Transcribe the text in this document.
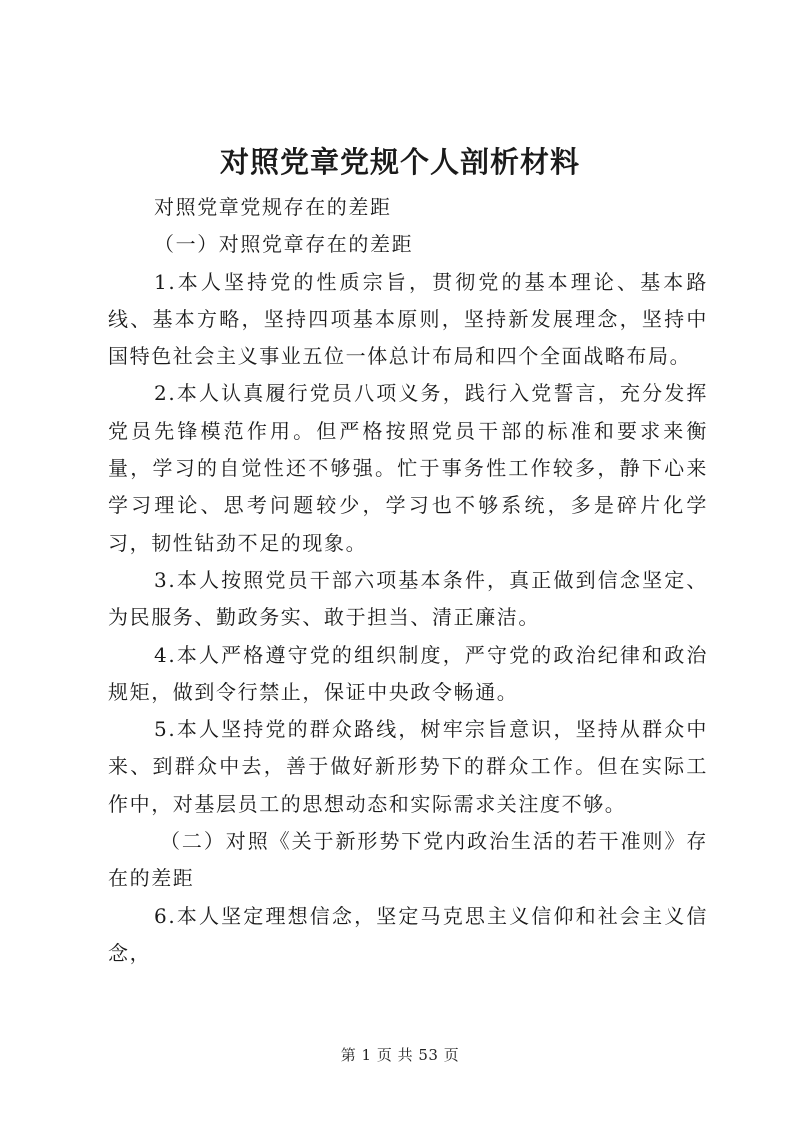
对照党章党规个人剖析材料

对照党章党规存在的差距

（一）对照党章存在的差距

1.本人坚持党的性质宗旨，贯彻党的基本理论、基本路线、基本方略，坚持四项基本原则，坚持新发展理念，坚持中国特色社会主义事业五位一体总计布局和四个全面战略布局。

2.本人认真履行党员八项义务，践行入党誓言，充分发挥党员先锋模范作用。但严格按照党员干部的标准和要求来衡量，学习的自觉性还不够强。忙于事务性工作较多，静下心来学习理论、思考问题较少，学习也不够系统，多是碎片化学习，韧性钻劲不足的现象。

3.本人按照党员干部六项基本条件，真正做到信念坚定、为民服务、勤政务实、敢于担当、清正廉洁。

4.本人严格遵守党的组织制度，严守党的政治纪律和政治规矩，做到令行禁止，保证中央政令畅通。

5.本人坚持党的群众路线，树牢宗旨意识，坚持从群众中来、到群众中去，善于做好新形势下的群众工作。但在实际工作中，对基层员工的思想动态和实际需求关注度不够。

（二）对照《关于新形势下党内政治生活的若干准则》存在的差距

6.本人坚定理想信念，坚定马克思主义信仰和社会主义信念，

第 1 页 共 53 页
